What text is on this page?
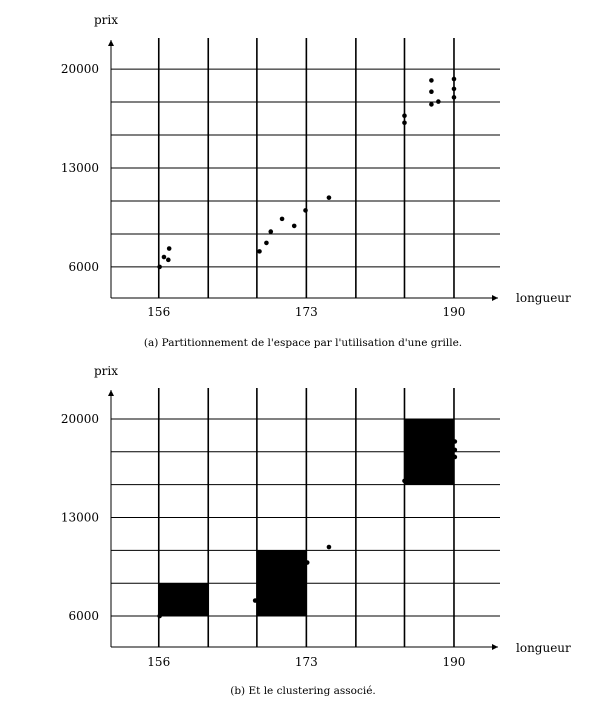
prix
longueur
(a) Partitionnement de l'espace par l'utilisation d'une grille.
156	173	190
6000
13000
20000
prix
longueur
(b) Et le clustering associé.
156	173	190
6000
13000
20000
